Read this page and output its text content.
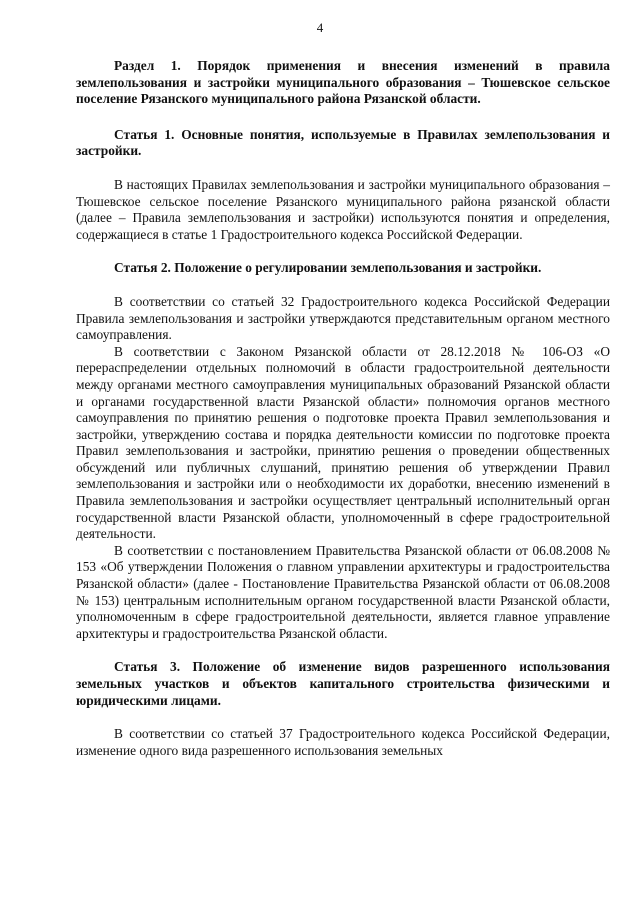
4

Раздел 1. Порядок применения и внесения изменений в правила землепользования и застройки муниципального образования – Тюшевское сельское поселение Рязанского муниципального района Рязанской области.

Статья 1. Основные понятия, используемые в Правилах землепользования и застройки.

В настоящих Правилах землепользования и застройки муниципального образования – Тюшевское сельское поселение Рязанского муниципального района рязанской области (далее – Правила землепользования и застройки) используются понятия и определения, содержащиеся в статье 1 Градостроительного кодекса Российской Федерации.

Статья 2. Положение о регулировании землепользования и застройки.

В соответствии со статьей 32 Градостроительного кодекса Российской Федерации Правила землепользования и застройки утверждаются представительным органом местного самоуправления.

В соответствии с Законом Рязанской области от 28.12.2018 № 106-ОЗ «О перераспределении отдельных полномочий в области градостроительной деятельности между органами местного самоуправления муниципальных образований Рязанской области и органами государственной власти Рязанской области» полномочия органов местного самоуправления по принятию решения о подготовке проекта Правил землепользования и застройки, утверждению состава и порядка деятельности комиссии по подготовке проекта Правил землепользования и застройки, принятию решения о проведении общественных обсуждений или публичных слушаний, принятию решения об утверждении Правил землепользования и застройки или о необходимости их доработки, внесению изменений в Правила землепользования и застройки осуществляет центральный исполнительный орган государственной власти Рязанской области, уполномоченный в сфере градостроительной деятельности.

В соответствии с постановлением Правительства Рязанской области от 06.08.2008 № 153 «Об утверждении Положения о главном управлении архитектуры и градостроительства Рязанской области» (далее - Постановление Правительства Рязанской области от 06.08.2008 № 153) центральным исполнительным органом государственной власти Рязанской области, уполномоченным в сфере градостроительной деятельности, является главное управление архитектуры и градостроительства Рязанской области.

Статья 3. Положение об изменение видов разрешенного использования земельных участков и объектов капитального строительства физическими и юридическими лицами.

В соответствии со статьей 37 Градостроительного кодекса Российской Федерации, изменение одного вида разрешенного использования земельных
